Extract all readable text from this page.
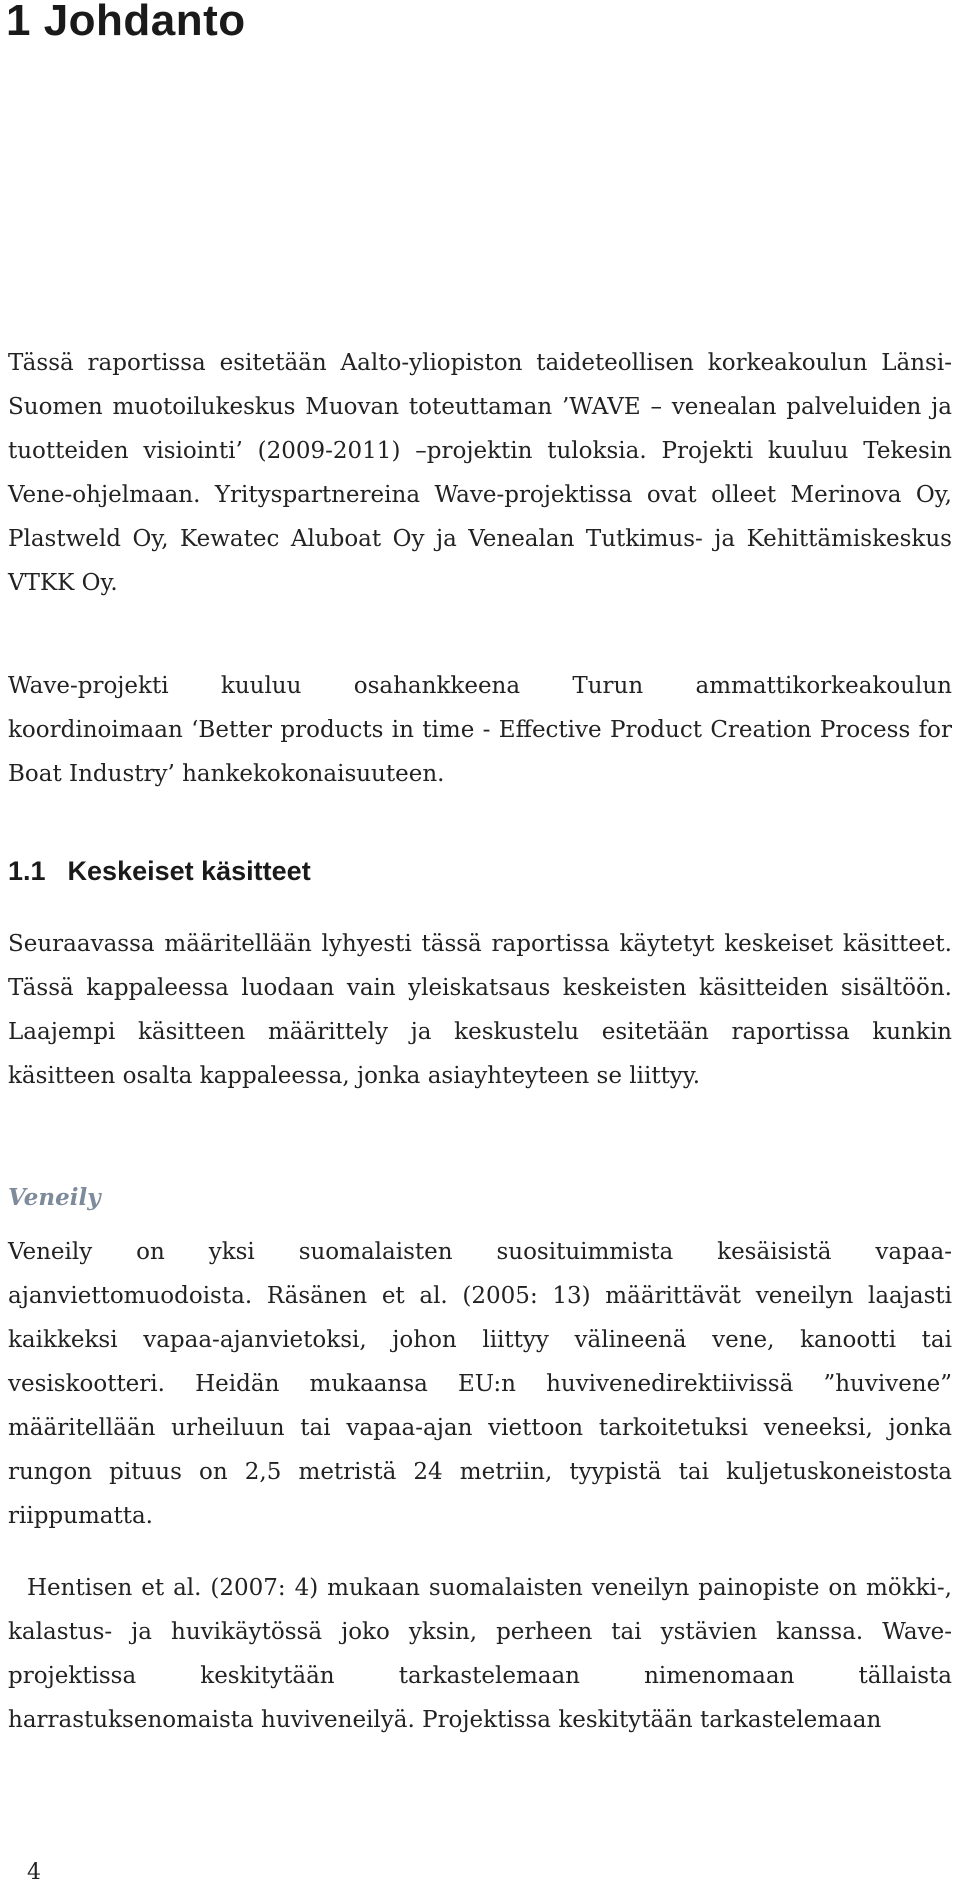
1 Johdanto

Tässä raportissa esitetään Aalto-yliopiston taideteollisen korkeakoulun Länsi-Suomen muotoilukeskus Muovan toteuttaman ’WAVE – venealan palveluiden ja tuotteiden visiointi’ (2009-2011) –projektin tuloksia. Projekti kuuluu Tekesin Vene-ohjelmaan. Yrityspartnereina Wave-projektissa ovat olleet Merinova Oy, Plastweld Oy, Kewatec Aluboat Oy ja Venealan Tutkimus- ja Kehittämiskeskus VTKK Oy.

Wave-projekti kuuluu osahankkeena Turun ammattikorkeakoulun koordinoimaan ‘Better products in time - Effective Product Creation Process for Boat Industry’ hankekokonaisuuteen.

1.1 Keskeiset käsitteet

Seuraavassa määritellään lyhyesti tässä raportissa käytetyt keskeiset käsitteet. Tässä kappaleessa luodaan vain yleiskatsaus keskeisten käsitteiden sisältöön. Laajempi käsitteen määrittely ja keskustelu esitetään raportissa kunkin käsitteen osalta kappaleessa, jonka asiayhteyteen se liittyy.

Veneily

Veneily on yksi suomalaisten suosituimmista kesäisistä vapaa-ajanviettomuodoista. Räsänen et al. (2005: 13) määrittävät veneilyn laajasti kaikkeksi vapaa-ajanvietoksi, johon liittyy välineenä vene, kanootti tai vesiskootteri. Heidän mukaansa EU:n huvivenedirektiivissä ”huvivene” määritellään urheiluun tai vapaa-ajan viettoon tarkoitetuksi veneeksi, jonka rungon pituus on 2,5 metristä 24 metriin, tyypistä tai kuljetuskoneistosta riippumatta.

Hentisen et al. (2007: 4) mukaan suomalaisten veneilyn painopiste on mökki-, kalastus- ja huvikäytössä joko yksin, perheen tai ystävien kanssa. Wave-projektissa keskitytään tarkastelemaan nimenomaan tällaista harrastuksenomaista huviveneilyä. Projektissa keskitytään tarkastelemaan

4
